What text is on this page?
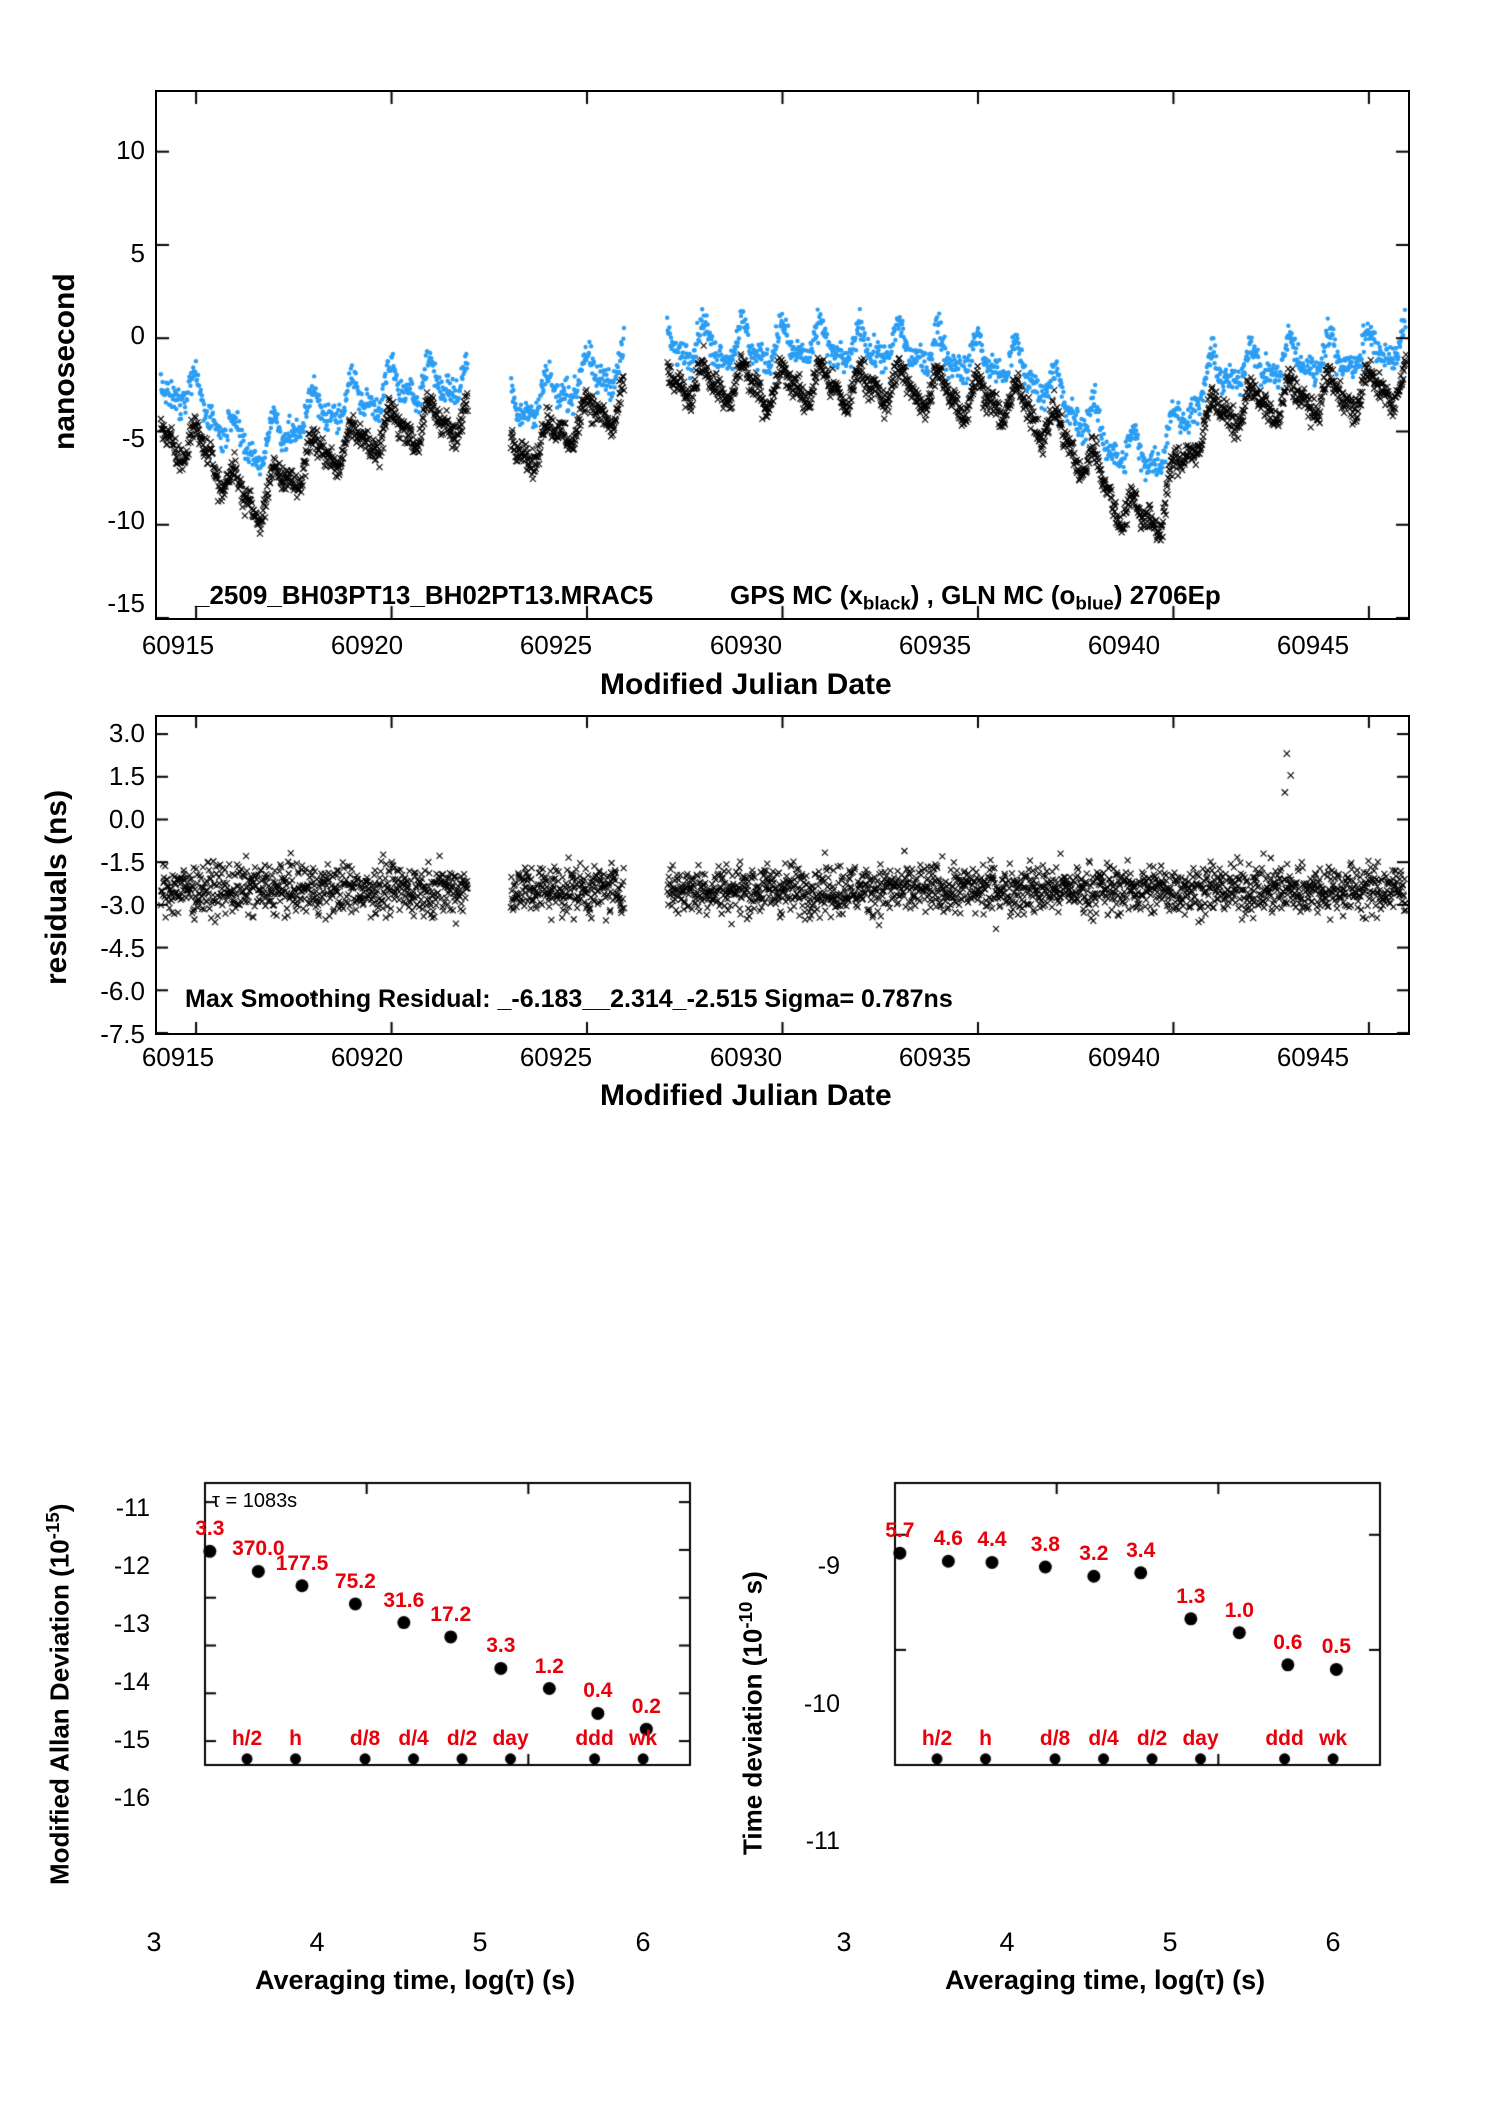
nanosecond
Modified Julian Date
10
5
0
-5
-10
-15
60915	60920	60925	60930	60935	60940	60945
_2509_BH03PT13_BH02PT13.MRAC5	GPS MC $(x_{black})$ , GLN MC $(o_{blue})$ 2706Ep
residuals (ns)
Modified Julian Date
3.0
1.5
0.0
-1.5
-3.0
-4.5
-6.0
-7.5
60915	60920	60925	60930	60935	60940	60945
Max Smoothing Residual: _-6.183__2.314_-2.515 Sigma= 0.787ns
Modified Allan Deviation $(10^{-15})$
Averaging time, log(τ) (s)
-11
-12
-13
-14
-15
-16
3	4	5	6
τ = 1083s
3.3
370.0
177.5
75.2
31.6
17.2
3.3
1.2
0.4
0.2
h/2	h	d/8 d/4 d/2 day	ddd wk	Time deviation ($10^{-10}$ s)
Averaging time, log(τ) (s)
-9
-10
-11
3	4	5	6
5.7 4.6 4.4	3.8 3.2 3.4
1.3
1.0
0.6 0.5
h/2	h	d/8 d/4 d/2 day	ddd wk
